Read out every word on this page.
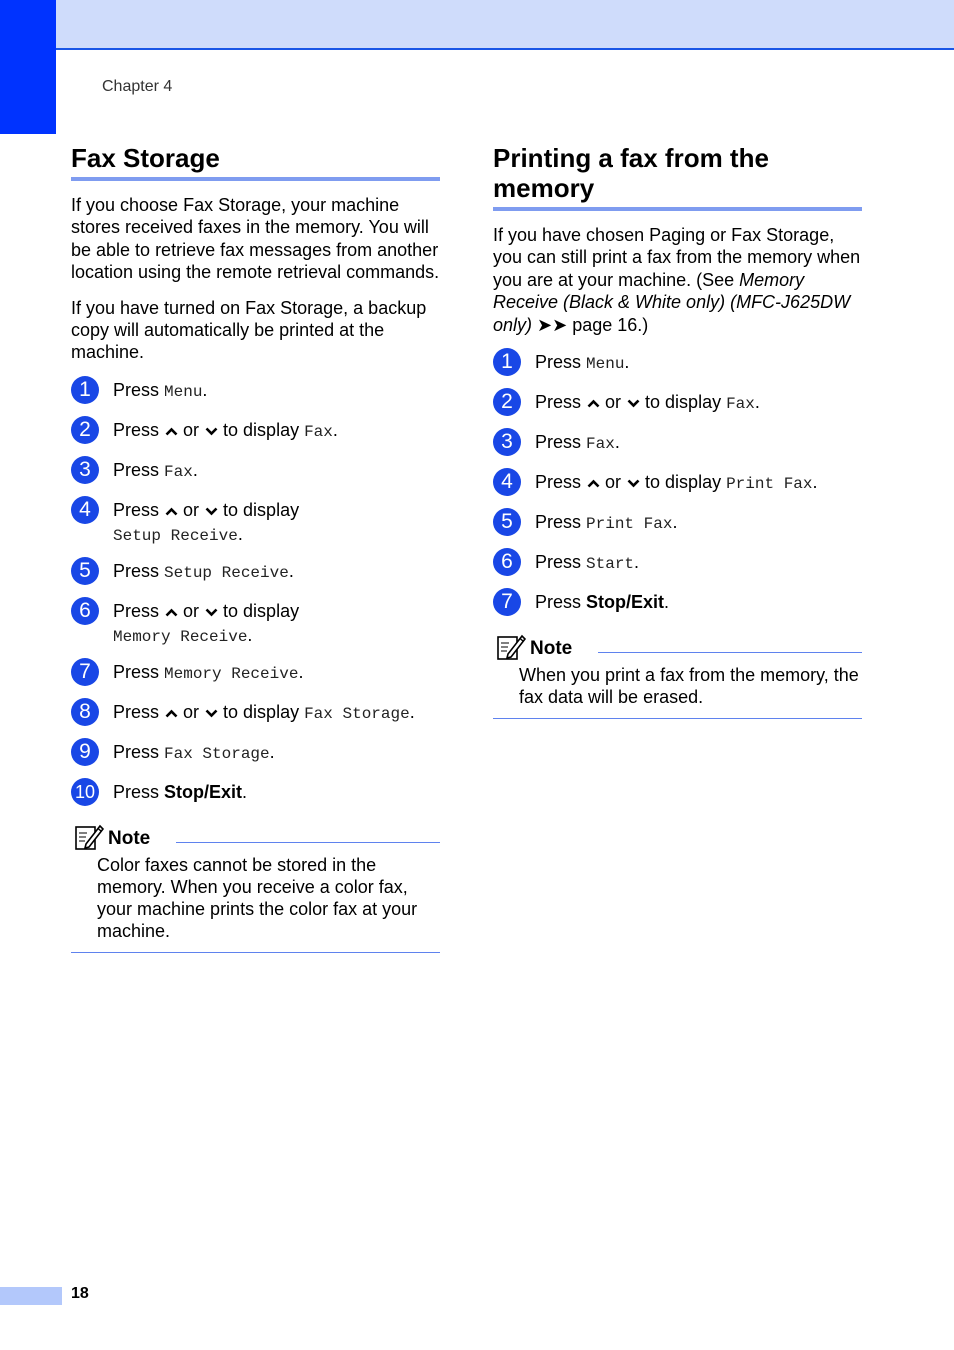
Chapter 4
Fax Storage

If you choose Fax Storage, your machine stores received faxes in the memory. You will be able to retrieve fax messages from another location using the remote retrieval commands.

If you have turned on Fax Storage, a backup copy will automatically be printed at the machine.

1	Press Menu.
2	Press  or  to display Fax.
3	Press Fax.
4	Press  or  to display
Setup Receive.
5	Press Setup Receive.
6	Press  or  to display
Memory Receive.
7	Press Memory Receive.
8	Press  or  to display Fax Storage.
9	Press Fax Storage.
10 Press Stop/Exit.
Note

Color faxes cannot be stored in the memory. When you receive a color fax, your machine prints the color fax at your machine.

Printing a fax from the memory

If you have chosen Paging or Fax Storage, you can still print a fax from the memory when you are at your machine. (See Memory Receive (Black & White only) (MFC-J625DW only) ➤➤ page 16.)

1	Press Menu.
2	Press  or  to display Fax.
3	Press Fax.
4	Press  or  to display Print Fax.
5	Press Print Fax.
6	Press Start.
7	Press Stop/Exit.
Note

When you print a fax from the memory, the fax data will be erased.

18
